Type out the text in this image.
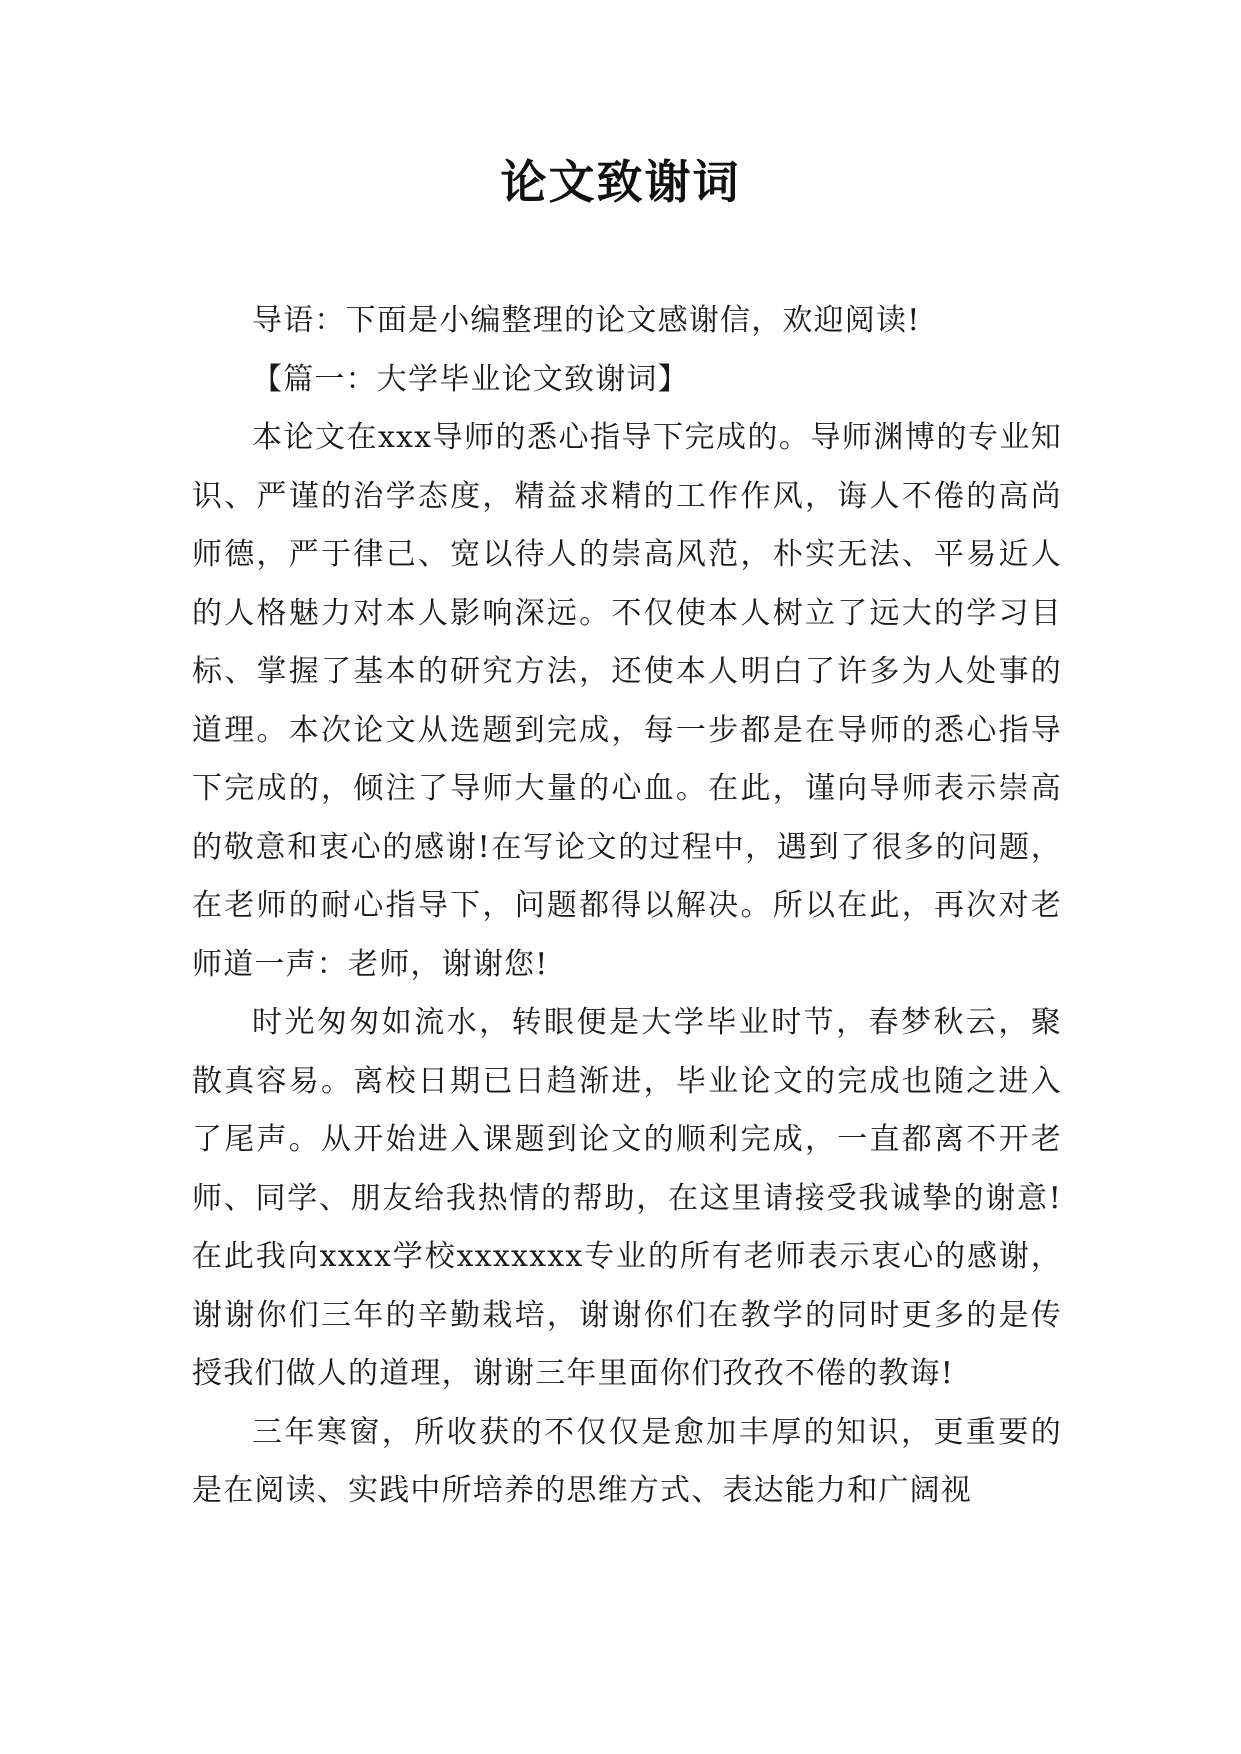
论文致谢词

导语：下面是小编整理的论文感谢信，欢迎阅读!

【篇一：大学毕业论文致谢词】

本论文在xxx导师的悉心指导下完成的。导师渊博的专业知识、严谨的治学态度，精益求精的工作作风，诲人不倦的高尚师德，严于律己、宽以待人的崇高风范，朴实无法、平易近人的人格魅力对本人影响深远。不仅使本人树立了远大的学习目标、掌握了基本的研究方法，还使本人明白了许多为人处事的道理。本次论文从选题到完成，每一步都是在导师的悉心指导下完成的，倾注了导师大量的心血。在此，谨向导师表示崇高的敬意和衷心的感谢!在写论文的过程中，遇到了很多的问题，在老师的耐心指导下，问题都得以解决。所以在此，再次对老师道一声：老师，谢谢您!

时光匆匆如流水，转眼便是大学毕业时节，春梦秋云，聚散真容易。离校日期已日趋渐进，毕业论文的完成也随之进入了尾声。从开始进入课题到论文的顺利完成，一直都离不开老师、同学、朋友给我热情的帮助，在这里请接受我诚挚的谢意!在此我向xxxx学校xxxxxxx专业的所有老师表示衷心的感谢，谢谢你们三年的辛勤栽培，谢谢你们在教学的同时更多的是传授我们做人的道理，谢谢三年里面你们孜孜不倦的教诲!

三年寒窗，所收获的不仅仅是愈加丰厚的知识，更重要的是在阅读、实践中所培养的思维方式、表达能力和广阔视
